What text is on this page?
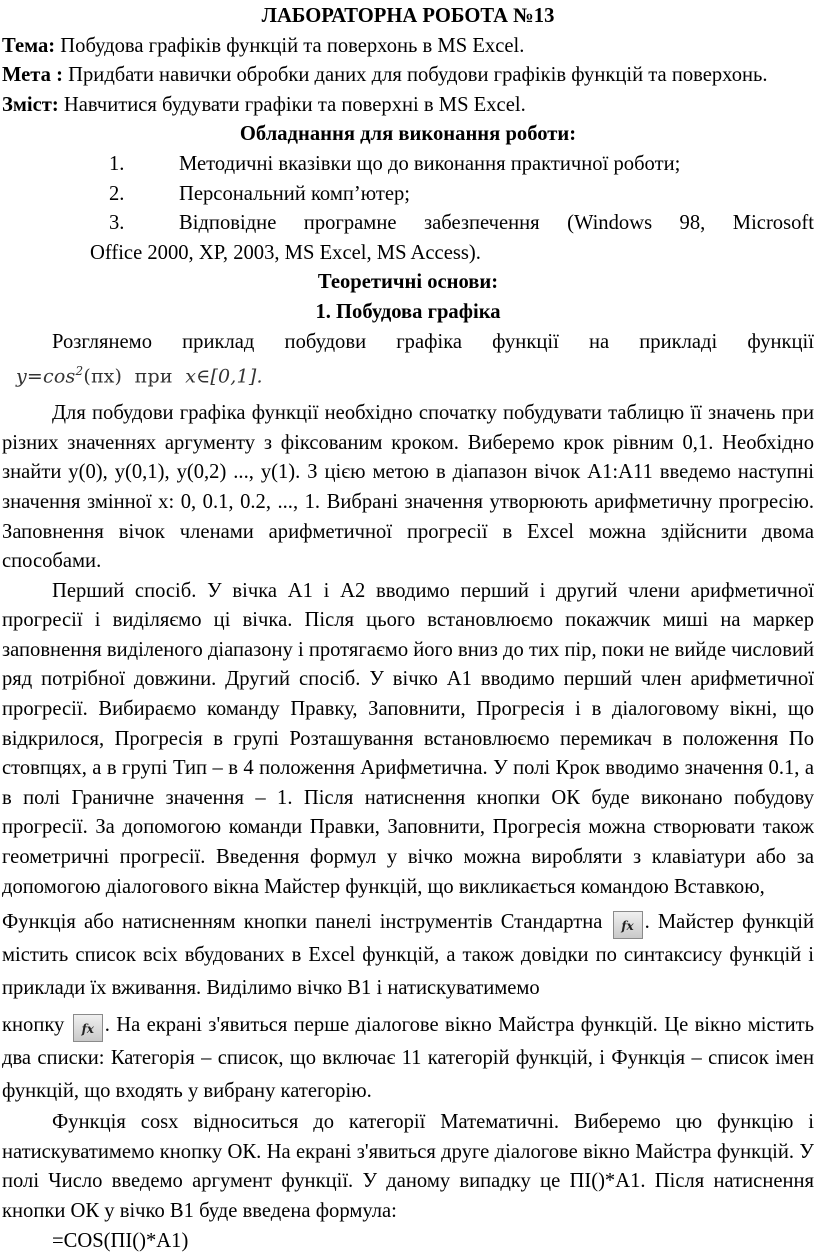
ЛАБОРАТОРНА РОБОТА №13

Тема: Побудова графіків функцій та поверхонь в MS Excel.

Мета : Придбати навички обробки даних для побудови графіків функцій та поверхонь.

Зміст: Навчитися будувати графіки та поверхні в MS Excel.

Обладнання для виконання роботи:

1.	Методичні вказівки що до виконання практичної роботи;
2.	Персональний комп’ютер;
3.	Відповідне програмне забезпечення (Windows 98, Microsoft

Office 2000, XP, 2003, MS Excel, MS Access).

Теоретичні основи:

1. Побудова графіка

Розглянемо приклад побудови графіка функції на прикладі функції

$y=\cos^2(\pi x)$ при x∈[0,1].

Для побудови графіка функції необхідно спочатку побудувати таблицю її значень при різних значеннях аргументу з фіксованим кроком. Виберемо крок рівним 0,1. Необхідно знайти у(0), у(0,1), у(0,2) ..., у(1). З цією метою в діапазон вічок А1:А11 введемо наступні значення змінної х: 0, 0.1, 0.2, ..., 1. Вибрані значення утворюють арифметичну прогресію. Заповнення вічок членами арифметичної прогресії в Excel можна здійснити двома способами.

Перший спосіб. У вічка А1 і А2 вводимо перший і другий члени арифметичної прогресії і виділяємо ці вічка. Після цього встановлюємо покажчик миші на маркер заповнення виділеного діапазону і протягаємо його вниз до тих пір, поки не вийде числовий ряд потрібної довжини. Другий спосіб. У вічко А1 вводимо перший член арифметичної прогресії. Вибираємо команду Правку, Заповнити, Прогресія і в діалоговому вікні, що відкрилося, Прогресія в групі Розташування встановлюємо перемикач в положення По стовпцях, а в групі Тип – в 4 положення Арифметична. У полі Крок вводимо значення 0.1, а в полі Граничне значення – 1. Після натиснення кнопки ОК буде виконано побудову прогресії. За допомогою команди Правки, Заповнити, Прогресія можна створювати також геометричні прогресії. Введення формул у вічко можна виробляти з клавіатури або за допомогою діалогового вікна Майстер функцій, що викликається командою Вставкою,

Функція або натисненням кнопки панелі інструментів Стандартна fx . Майстер функцій містить список всіх вбудованих в Excel функцій, а також довідки по синтаксису функцій і приклади їх вживання. Виділимо вічко В1 і натискуватимемо

кнопку fx . На екрані з'явиться перше діалогове вікно Майстра функцій. Це вікно містить два списки: Категорія – список, що включає 11 категорій функцій, і Функція – список імен функцій, що входять у вибрану категорію.

Функція cosx відноситься до категорії Математичні. Виберемо цю функцію і натискуватимемо кнопку ОК. На екрані з'явиться друге діалогове вікно Майстра функцій. У полі Число введемо аргумент функції. У даному випадку це ПІ()*А1. Після натиснення кнопки ОК у вічко В1 буде введена формула:

=COS(ПІ()*А1)
